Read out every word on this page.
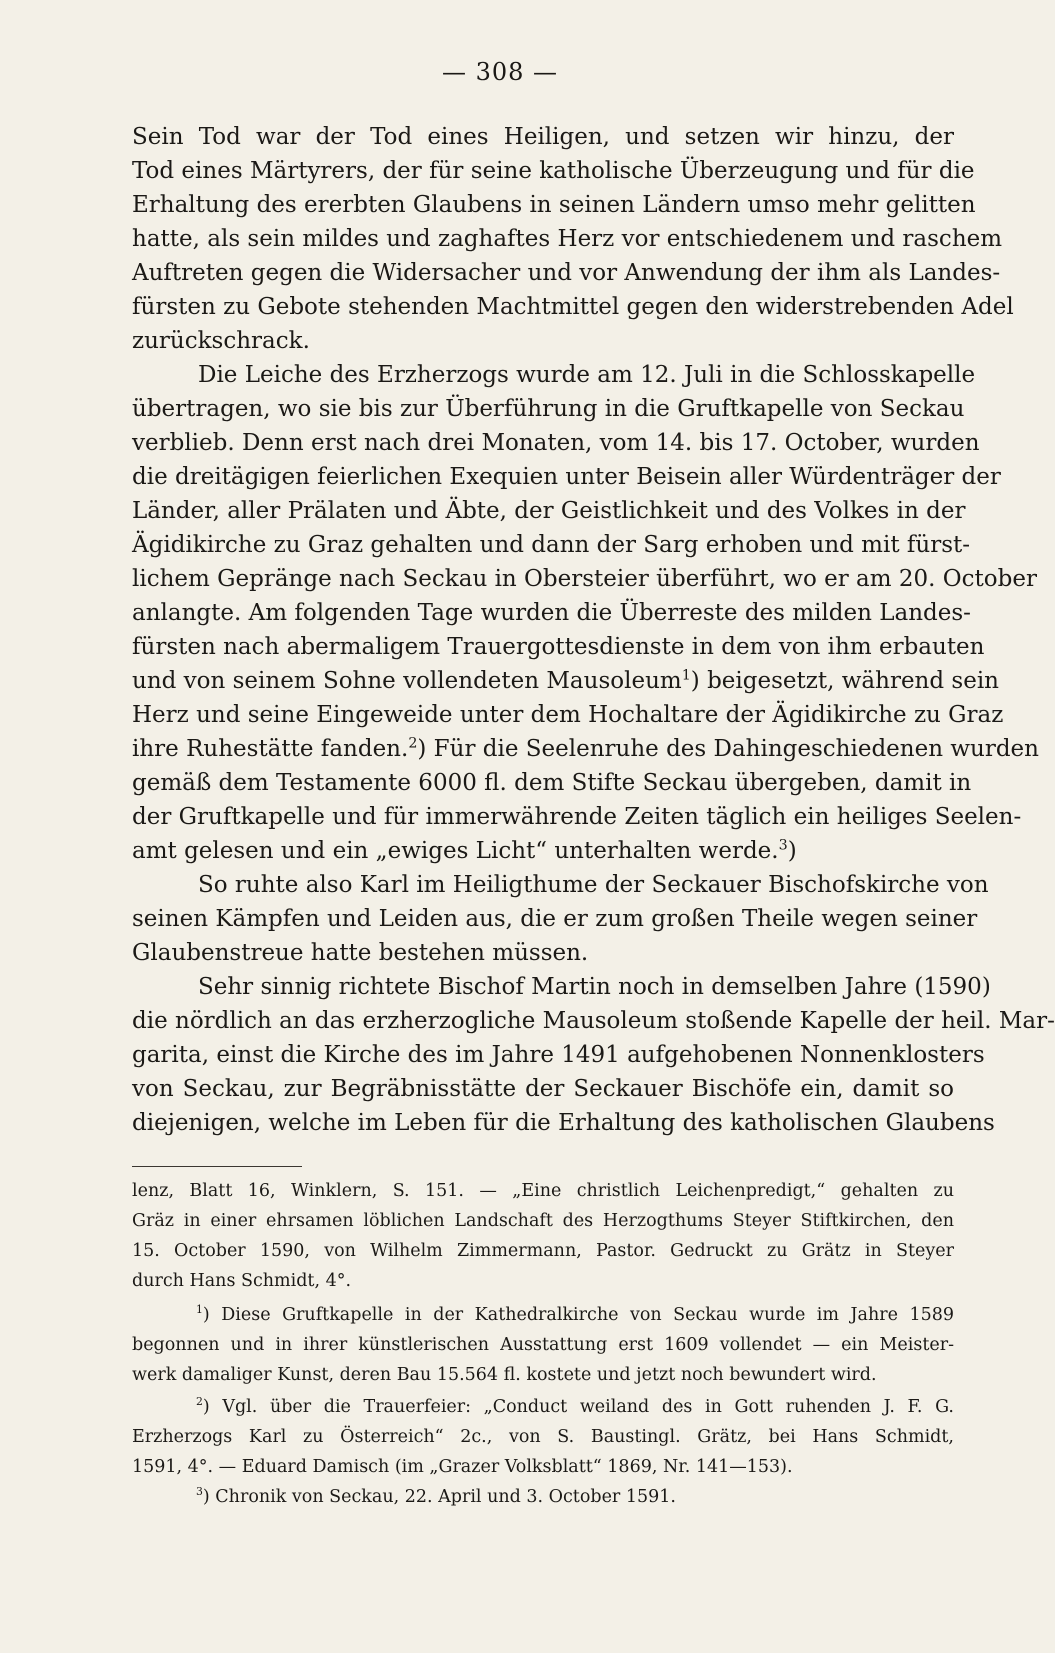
— 308 —
Sein Tod war der Tod eines Heiligen, und setzen wir hinzu, der
Tod eines Märtyrers, der für seine katholische Überzeugung und für die
Erhaltung des ererbten Glaubens in seinen Ländern umso mehr gelitten
hatte, als sein mildes und zaghaftes Herz vor entschiedenem und raschem
Auftreten gegen die Widersacher und vor Anwendung der ihm als Landes-
fürsten zu Gebote stehenden Machtmittel gegen den widerstrebenden Adel
zurückschrack.
Die Leiche des Erzherzogs wurde am 12. Juli in die Schlosskapelle
übertragen, wo sie bis zur Überführung in die Gruftkapelle von Seckau
verblieb. Denn erst nach drei Monaten, vom 14. bis 17. October, wurden
die dreitägigen feierlichen Exequien unter Beisein aller Würdenträger der
Länder, aller Prälaten und Äbte, der Geistlichkeit und des Volkes in der
Ägidikirche zu Graz gehalten und dann der Sarg erhoben und mit fürst-
lichem Gepränge nach Seckau in Obersteier überführt, wo er am 20. October
anlangte. Am folgenden Tage wurden die Überreste des milden Landes-
fürsten nach abermaligem Trauergottesdienste in dem von ihm erbauten
und von seinem Sohne vollendeten Mausoleum$^1$) beigesetzt, während sein
Herz und seine Eingeweide unter dem Hochaltare der Ägidikirche zu Graz
ihre Ruhestätte fanden.$^2$) Für die Seelenruhe des Dahingeschiedenen wurden
gemäß dem Testamente 6000 fl. dem Stifte Seckau übergeben, damit in
der Gruftkapelle und für immerwährende Zeiten täglich ein heiliges Seelen-
amt gelesen und ein „ewiges Licht“ unterhalten werde.$^3$)
So ruhte also Karl im Heiligthume der Seckauer Bischofskirche von
seinen Kämpfen und Leiden aus, die er zum großen Theile wegen seiner
Glaubenstreue hatte bestehen müssen.
Sehr sinnig richtete Bischof Martin noch in demselben Jahre (1590)
die nördlich an das erzherzogliche Mausoleum stoßende Kapelle der heil. Mar-
garita, einst die Kirche des im Jahre 1491 aufgehobenen Nonnenklosters
von Seckau, zur Begräbnisstätte der Seckauer Bischöfe ein, damit so
diejenigen, welche im Leben für die Erhaltung des katholischen Glaubens
lenz, Blatt 16, Winklern, S. 151. — „Eine christlich Leichenpredigt,“ gehalten zu
Gräz in einer ehrsamen löblichen Landschaft des Herzogthums Steyer Stiftkirchen, den
15. October 1590, von Wilhelm Zimmermann, Pastor. Gedruckt zu Grätz in Steyer
durch Hans Schmidt, 4°.
$^1$) Diese Gruftkapelle in der Kathedralkirche von Seckau wurde im Jahre 1589
begonnen und in ihrer künstlerischen Ausstattung erst 1609 vollendet — ein Meister-
werk damaliger Kunst, deren Bau 15.564 fl. kostete und jetzt noch bewundert wird.
$^2$) Vgl. über die Trauerfeier: „Conduct weiland des in Gott ruhenden J. F. G.
Erzherzogs Karl zu Österreich“ 2c., von S. Baustingl. Grätz, bei Hans Schmidt,
1591, 4°. — Eduard Damisch (im „Grazer Volksblatt“ 1869, Nr. 141—153).
$^3$) Chronik von Seckau, 22. April und 3. October 1591.
